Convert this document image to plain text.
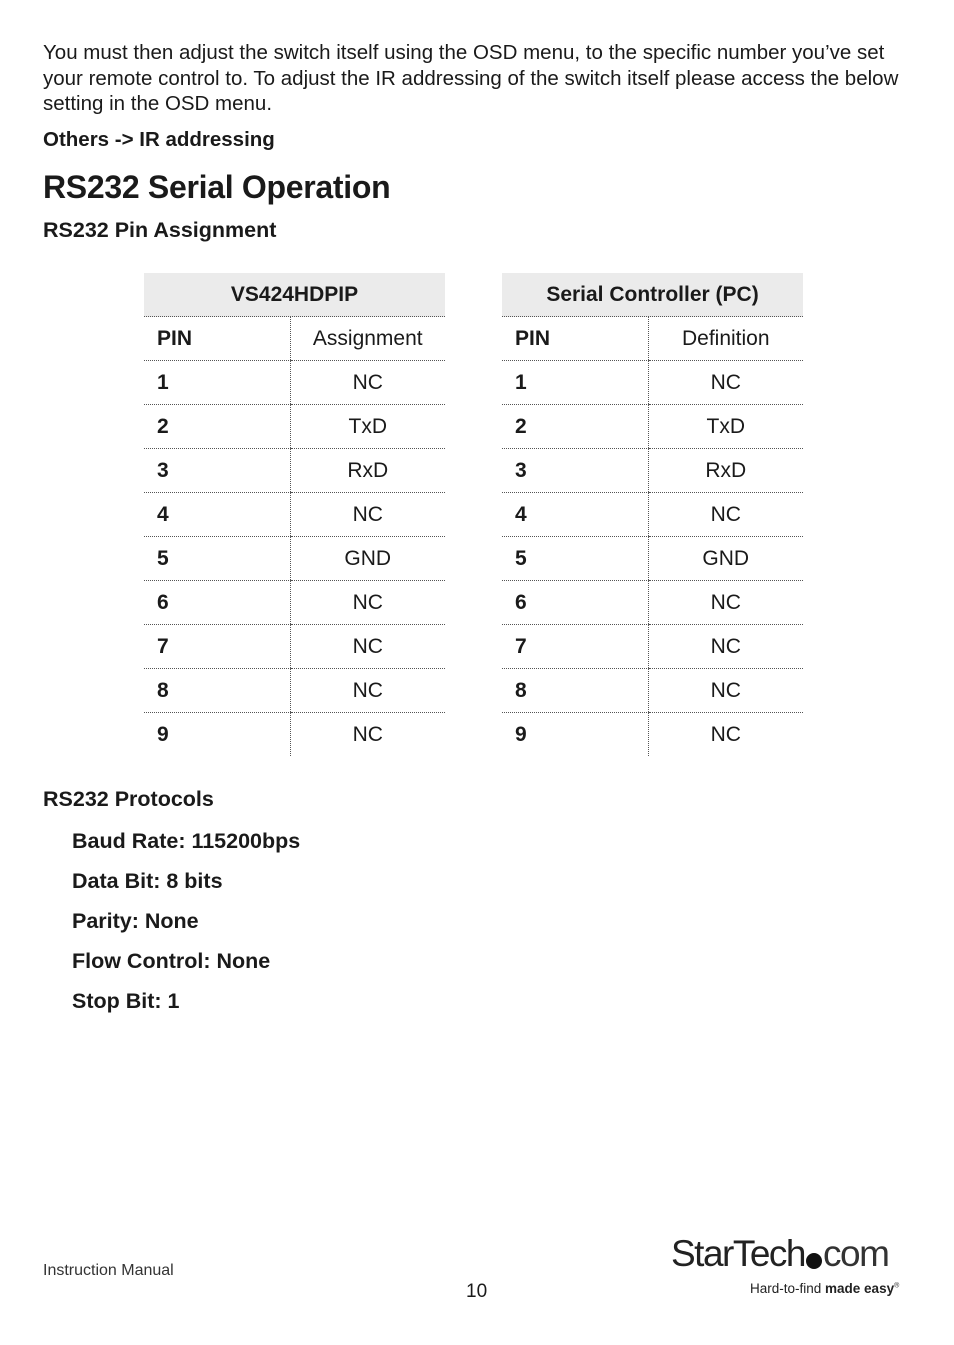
You must then adjust the switch itself using the OSD menu, to the specific number you’ve set your remote control to. To adjust the IR addressing of the switch itself please access the below setting in the OSD menu.

Others -> IR addressing

RS232 Serial Operation
RS232 Pin Assignment
VS424HDPIP	
PIN	Assignment
1	NC
2	TxD
3	RxD
4	NC
5	GND
6	NC
7	NC
8	NC
9	NC
Serial Controller (PC)	
PIN	Definition
1	NC
2	TxD
3	RxD
4	NC
5	GND
6	NC
7	NC
8	NC
9	NC
RS232 Protocols
Baud Rate: 115200bps
Data Bit: 8 bits
Parity: None
Flow Control: None
Stop Bit: 1
Instruction Manual
10
StarTech com
Hard-to-find made easy®
